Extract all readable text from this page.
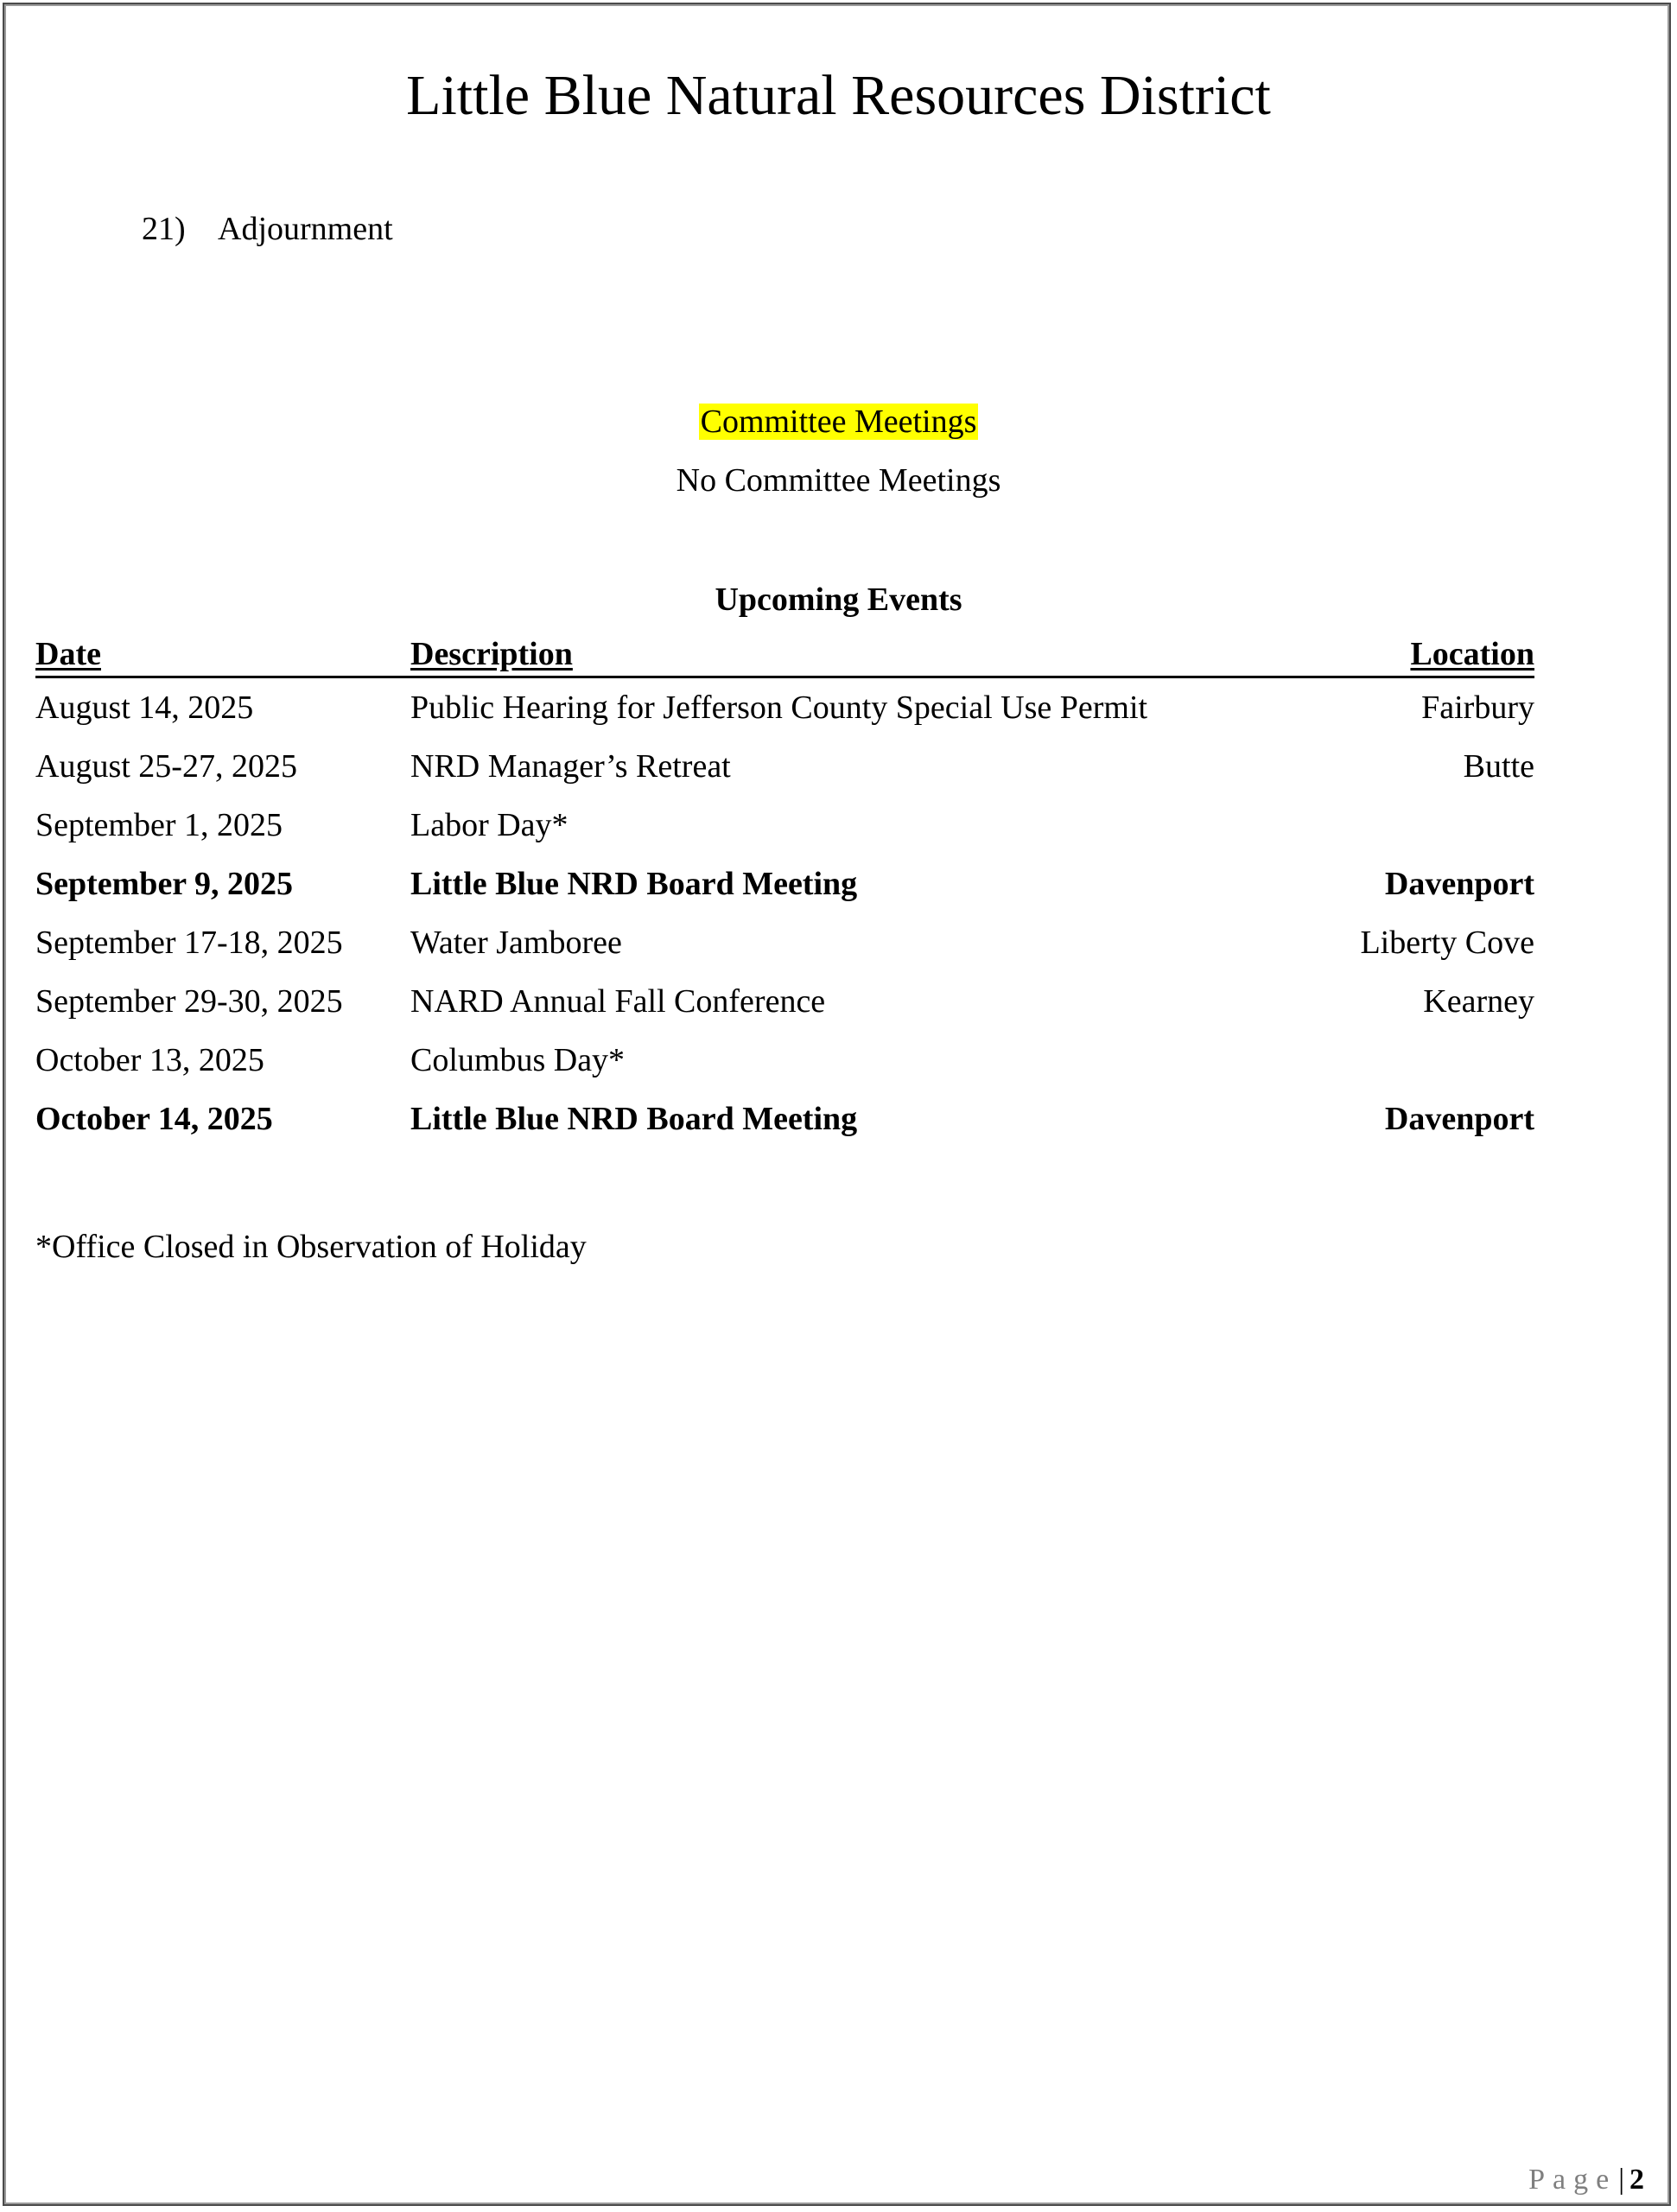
Little Blue Natural Resources District
21) Adjournment
Committee Meetings
No Committee Meetings
Upcoming Events
Date	Description	Location
August 14, 2025	Public Hearing for Jefferson County Special Use Permit	Fairbury
August 25-27, 2025	NRD Manager’s Retreat	Butte
September 1, 2025	Labor Day*
September 9, 2025	Little Blue NRD Board Meeting	Davenport
September 17-18, 2025 Water Jamboree	Liberty Cove
September 29-30, 2025 NARD Annual Fall Conference	Kearney
October 13, 2025	Columbus Day*
October 14, 2025	Little Blue NRD Board Meeting	Davenport
*Office Closed in Observation of Holiday
Page| 2
